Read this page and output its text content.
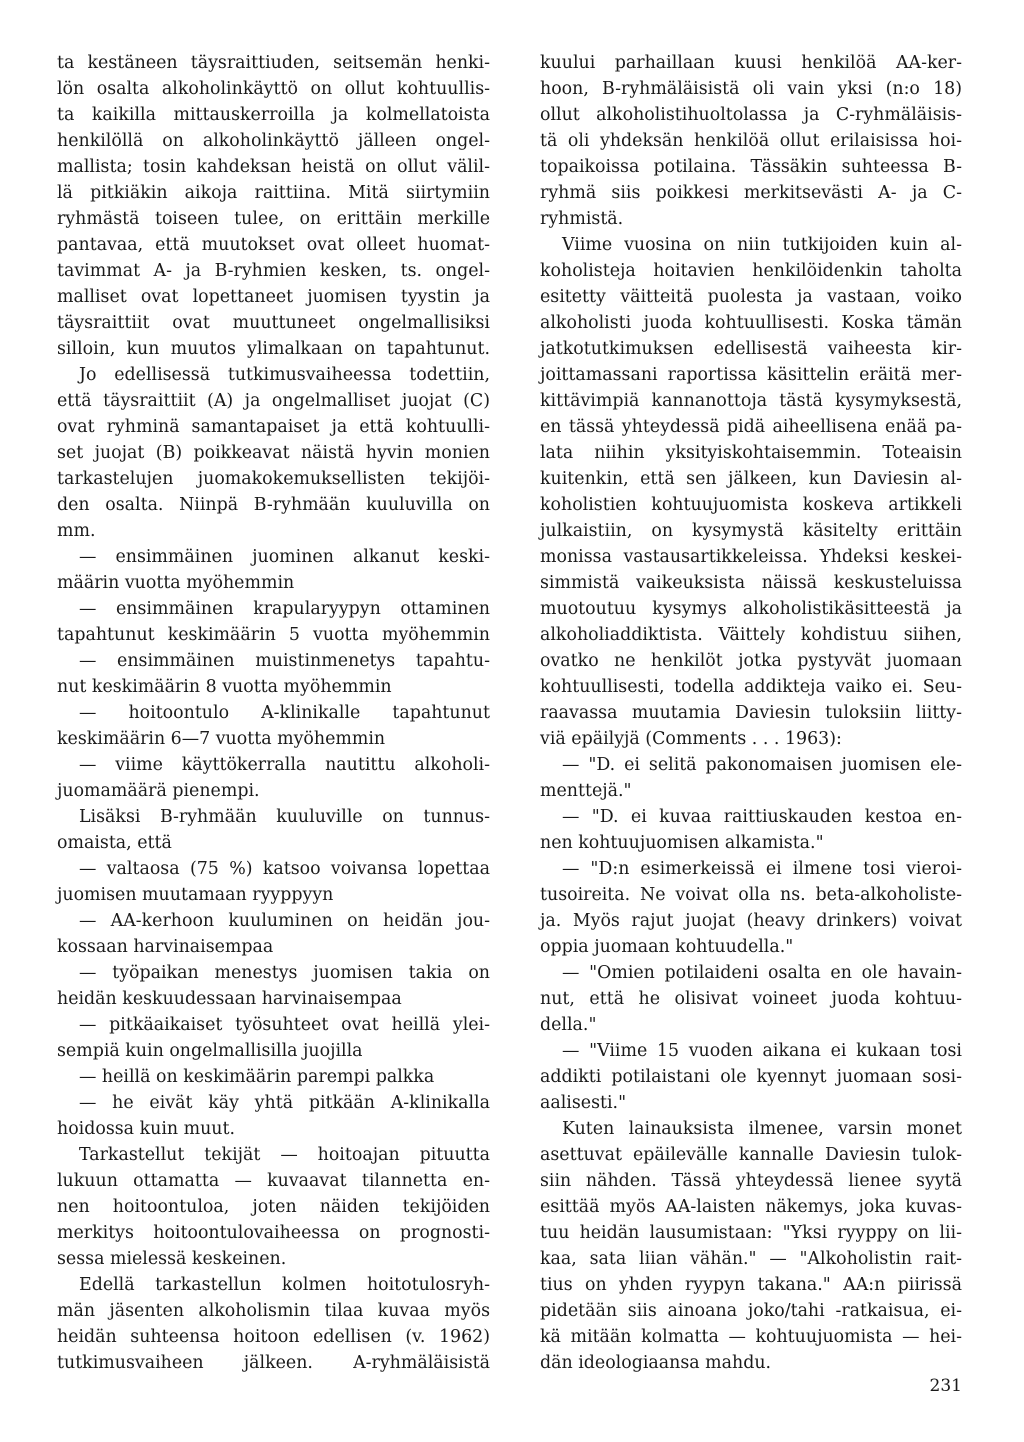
ta kestäneen täysraittiuden, seitsemän henki-
lön osalta alkoholinkäyttö on ollut kohtuullis-
ta kaikilla mittauskerroilla ja kolmellatoista
henkilöllä on alkoholinkäyttö jälleen ongel-
mallista; tosin kahdeksan heistä on ollut välil-
lä pitkiäkin aikoja raittiina. Mitä siirtymiin
ryhmästä toiseen tulee, on erittäin merkille
pantavaa, että muutokset ovat olleet huomat-
tavimmat A- ja B-ryhmien kesken, ts. ongel-
malliset ovat lopettaneet juomisen tyystin ja
täysraittiit ovat muuttuneet ongelmallisiksi
silloin, kun muutos ylimalkaan on tapahtunut.
Jo edellisessä tutkimusvaiheessa todettiin,
että täysraittiit (A) ja ongelmalliset juojat (C)
ovat ryhminä samantapaiset ja että kohtuulli-
set juojat (B) poikkeavat näistä hyvin monien
tarkastelujen juomakokemuksellisten tekijöi-
den osalta. Niinpä B-ryhmään kuuluvilla on
mm.
— ensimmäinen juominen alkanut keski-
määrin vuotta myöhemmin
— ensimmäinen krapularyypyn ottaminen
tapahtunut keskimäärin 5 vuotta myöhemmin
— ensimmäinen muistinmenetys tapahtu-
nut keskimäärin 8 vuotta myöhemmin
— hoitoontulo A-klinikalle tapahtunut
keskimäärin 6—7 vuotta myöhemmin
— viime käyttökerralla nautittu alkoholi-
juomamäärä pienempi.
Lisäksi B-ryhmään kuuluville on tunnus-
omaista, että
— valtaosa (75 %) katsoo voivansa lopettaa
juomisen muutamaan ryyppyyn
— AA-kerhoon kuuluminen on heidän jou-
kossaan harvinaisempaa
— työpaikan menestys juomisen takia on
heidän keskuudessaan harvinaisempaa
— pitkäaikaiset työsuhteet ovat heillä ylei-
sempiä kuin ongelmallisilla juojilla
— heillä on keskimäärin parempi palkka
— he eivät käy yhtä pitkään A-klinikalla
hoidossa kuin muut.
Tarkastellut tekijät — hoitoajan pituutta
lukuun ottamatta — kuvaavat tilannetta en-
nen hoitoontuloa, joten näiden tekijöiden
merkitys hoitoontulovaiheessa on prognosti-
sessa mielessä keskeinen.
Edellä tarkastellun kolmen hoitotulosryh-
män jäsenten alkoholismin tilaa kuvaa myös
heidän suhteensa hoitoon edellisen (v. 1962)
tutkimusvaiheen jälkeen. A-ryhmäläisistä
kuului parhaillaan kuusi henkilöä AA-ker-
hoon, B-ryhmäläisistä oli vain yksi (n:o 18)
ollut alkoholistihuoltolassa ja C-ryhmäläisis-
tä oli yhdeksän henkilöä ollut erilaisissa hoi-
topaikoissa potilaina. Tässäkin suhteessa B-
ryhmä siis poikkesi merkitsevästi A- ja C-
ryhmistä.
Viime vuosina on niin tutkijoiden kuin al-
koholisteja hoitavien henkilöidenkin taholta
esitetty väitteitä puolesta ja vastaan, voiko
alkoholisti juoda kohtuullisesti. Koska tämän
jatkotutkimuksen edellisestä vaiheesta kir-
joittamassani raportissa käsittelin eräitä mer-
kittävimpiä kannanottoja tästä kysymyksestä,
en tässä yhteydessä pidä aiheellisena enää pa-
lata niihin yksityiskohtaisemmin. Toteaisin
kuitenkin, että sen jälkeen, kun Daviesin al-
koholistien kohtuujuomista koskeva artikkeli
julkaistiin, on kysymystä käsitelty erittäin
monissa vastausartikkeleissa. Yhdeksi keskei-
simmistä vaikeuksista näissä keskusteluissa
muotoutuu kysymys alkoholistikäsitteestä ja
alkoholiaddiktista. Väittely kohdistuu siihen,
ovatko ne henkilöt jotka pystyvät juomaan
kohtuullisesti, todella addikteja vaiko ei. Seu-
raavassa muutamia Daviesin tuloksiin liitty-
viä epäilyjä (Comments . . . 1963):
— "D. ei selitä pakonomaisen juomisen ele-
menttejä."
— "D. ei kuvaa raittiuskauden kestoa en-
nen kohtuujuomisen alkamista."
— "D:n esimerkeissä ei ilmene tosi vieroi-
tusoireita. Ne voivat olla ns. beta-alkoholiste-
ja. Myös rajut juojat (heavy drinkers) voivat
oppia juomaan kohtuudella."
— "Omien potilaideni osalta en ole havain-
nut, että he olisivat voineet juoda kohtuu-
della."
— "Viime 15 vuoden aikana ei kukaan tosi
addikti potilaistani ole kyennyt juomaan sosi-
aalisesti."
Kuten lainauksista ilmenee, varsin monet
asettuvat epäilevälle kannalle Daviesin tulok-
siin nähden. Tässä yhteydessä lienee syytä
esittää myös AA-laisten näkemys, joka kuvas-
tuu heidän lausumistaan: "Yksi ryyppy on lii-
kaa, sata liian vähän." — "Alkoholistin rait-
tius on yhden ryypyn takana." AA:n piirissä
pidetään siis ainoana joko/tahi -ratkaisua, ei-
kä mitään kolmatta — kohtuujuomista — hei-
dän ideologiaansa mahdu.
231
